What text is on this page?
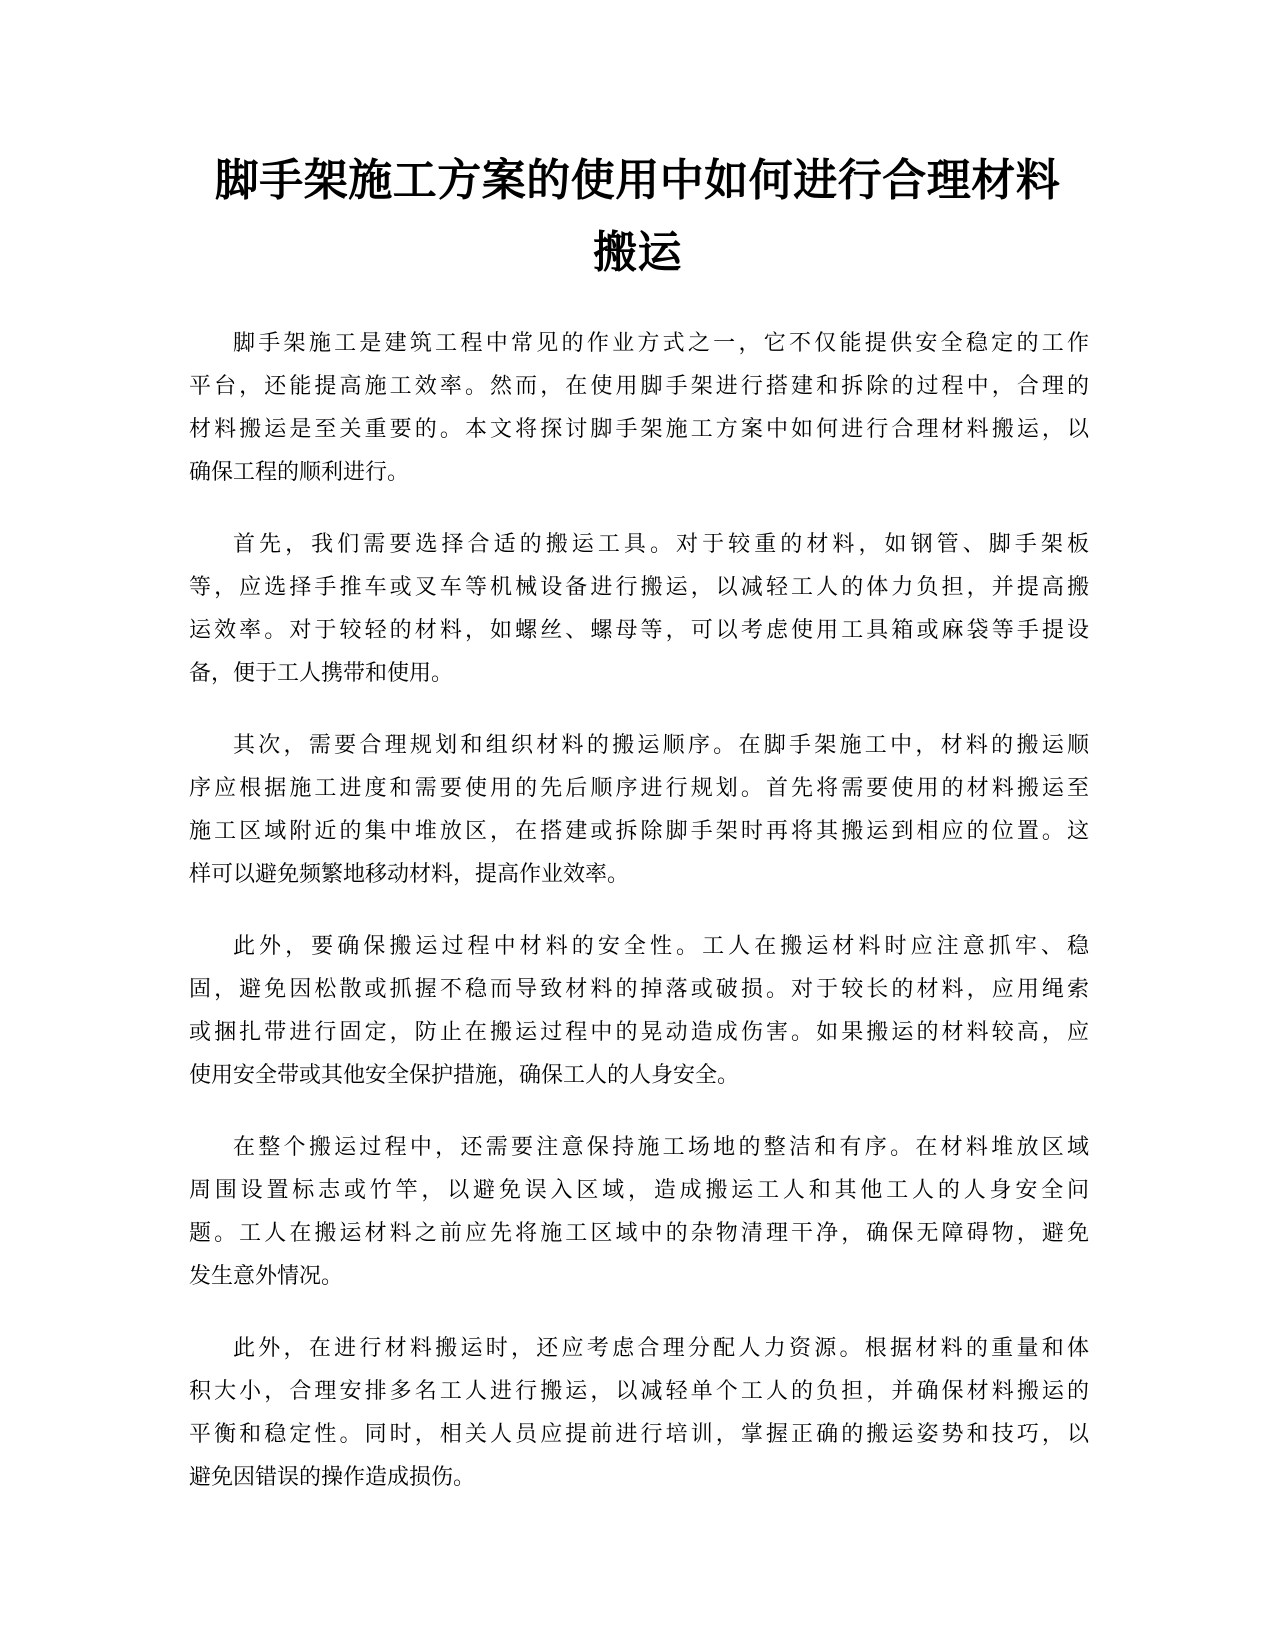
脚手架施工方案的使用中如何进行合理材料
搬运

脚手架施工是建筑工程中常见的作业方式之一，它不仅能提供安全稳定的工作
平台，还能提高施工效率。然而，在使用脚手架进行搭建和拆除的过程中，合理的
材料搬运是至关重要的。本文将探讨脚手架施工方案中如何进行合理材料搬运，以
确保工程的顺利进行。

首先，我们需要选择合适的搬运工具。对于较重的材料，如钢管、脚手架板
等，应选择手推车或叉车等机械设备进行搬运，以减轻工人的体力负担，并提高搬
运效率。对于较轻的材料，如螺丝、螺母等，可以考虑使用工具箱或麻袋等手提设
备，便于工人携带和使用。

其次，需要合理规划和组织材料的搬运顺序。在脚手架施工中，材料的搬运顺
序应根据施工进度和需要使用的先后顺序进行规划。首先将需要使用的材料搬运至
施工区域附近的集中堆放区，在搭建或拆除脚手架时再将其搬运到相应的位置。这
样可以避免频繁地移动材料，提高作业效率。

此外，要确保搬运过程中材料的安全性。工人在搬运材料时应注意抓牢、稳
固，避免因松散或抓握不稳而导致材料的掉落或破损。对于较长的材料，应用绳索
或捆扎带进行固定，防止在搬运过程中的晃动造成伤害。如果搬运的材料较高，应
使用安全带或其他安全保护措施，确保工人的人身安全。

在整个搬运过程中，还需要注意保持施工场地的整洁和有序。在材料堆放区域
周围设置标志或竹竿，以避免误入区域，造成搬运工人和其他工人的人身安全问
题。工人在搬运材料之前应先将施工区域中的杂物清理干净，确保无障碍物，避免
发生意外情况。

此外，在进行材料搬运时，还应考虑合理分配人力资源。根据材料的重量和体
积大小，合理安排多名工人进行搬运，以减轻单个工人的负担，并确保材料搬运的
平衡和稳定性。同时，相关人员应提前进行培训，掌握正确的搬运姿势和技巧，以
避免因错误的操作造成损伤。
